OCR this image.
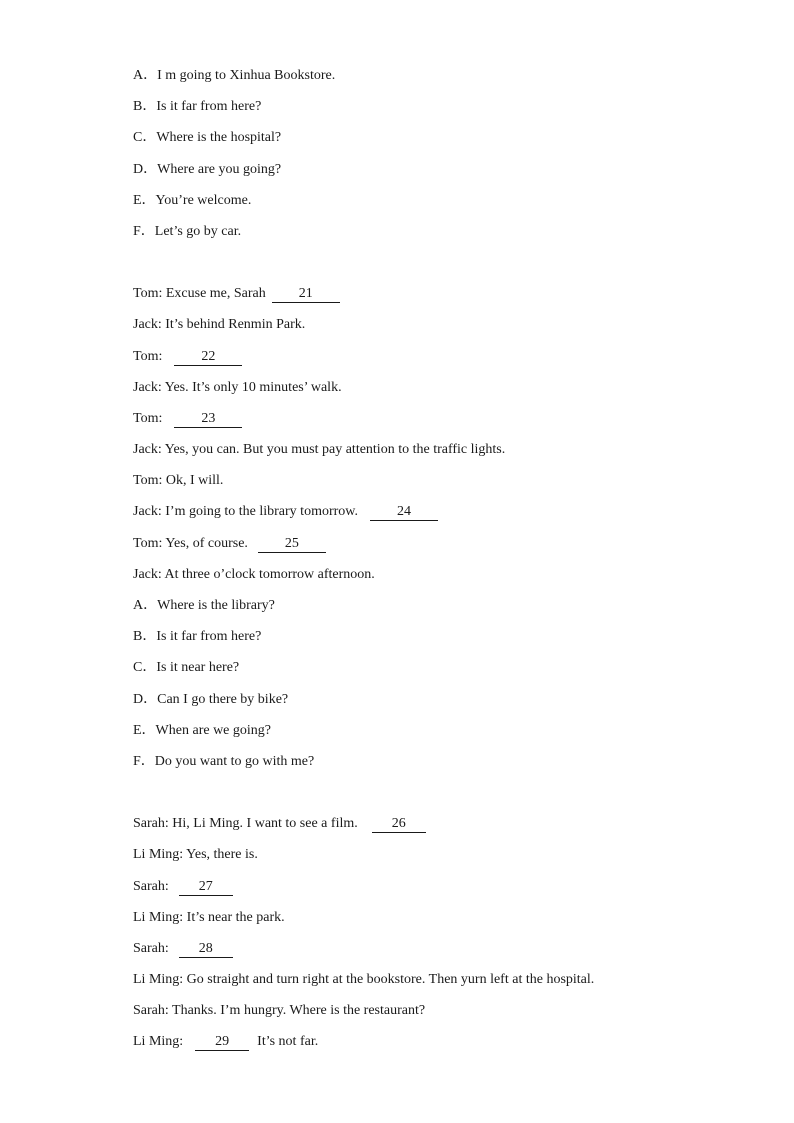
A．I m going to Xinhua Bookstore.
B．Is it far from here?
C．Where is the hospital?
D．Where are you going?
E．You’re welcome.
F．Let’s go by car.
Tom: Excuse me, Sarah 21
Jack: It’s behind Renmin Park.
Tom:	22
Jack: Yes. It’s only 10 minutes’ walk.
Tom:	23
Jack: Yes, you can. But you must pay attention to the traffic lights.
Tom: Ok, I will.
Jack: I’m going to the library tomorrow.	24
Tom: Yes, of course.	25
Jack: At three o’clock tomorrow afternoon.
A．Where is the library?
B．Is it far from here?
C．Is it near here?
D．Can I go there by bike?
E．When are we going?
F．Do you want to go with me?
Sarah: Hi, Li Ming. I want to see a film. 26
Li Ming: Yes, there is.
Sarah: 27
Li Ming: It’s near the park.
Sarah: 28
Li Ming: Go straight and turn right at the bookstore. Then yurn left at the hospital.
Sarah: Thanks. I’m hungry. Where is the restaurant?
Li Ming: 29 It’s not far.
